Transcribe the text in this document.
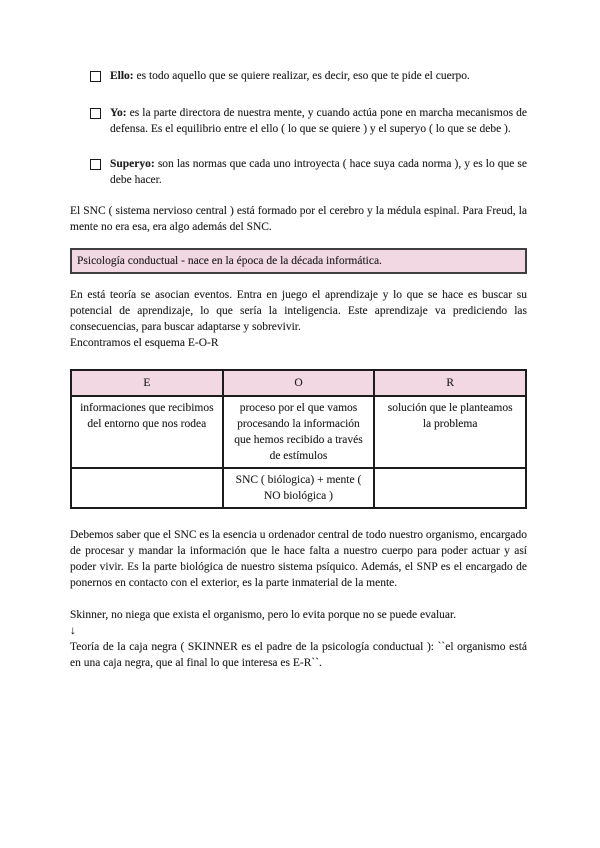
Ello: es todo aquello que se quiere realizar, es decir, eso que te pide el cuerpo.
Yo: es la parte directora de nuestra mente, y cuando actúa pone en marcha mecanismos de defensa. Es el equilibrio entre el ello ( lo que se quiere ) y el superyo ( lo que se debe ).
Superyo: son las normas que cada uno introyecta ( hace suya cada norma ), y es lo que se debe hacer.
El SNC ( sistema nervioso central ) está formado por el cerebro y la médula espinal. Para Freud, la mente no era esa, era algo además del SNC.
Psicología conductual - nace en la época de la década informática.
En está teoría se asocian eventos. Entra en juego el aprendizaje y lo que se hace es buscar su potencial de aprendizaje, lo que sería la inteligencia. Este aprendizaje va prediciendo las consecuencias, para buscar adaptarse y sobrevivir.
Encontramos el esquema E-O-R
E	O	R
informaciones que recibimos del entorno que nos rodea	proceso por el que vamos procesando la información que hemos recibido a través de estímulos	solución que le planteamos la problema
	SNC ( biólogica) + mente ( NO biológica )	
Debemos saber que el SNC es la esencia u ordenador central de todo nuestro organismo, encargado de procesar y mandar la información que le hace falta a nuestro cuerpo para poder actuar y así poder vivir. Es la parte biológica de nuestro sistema psíquico. Además, el SNP es el encargado de ponernos en contacto con el exterior, es la parte inmaterial de la mente.
Skinner, no niega que exista el organismo, pero lo evita porque no se puede evaluar.
↓
Teoría de la caja negra ( SKINNER es el padre de la psicología conductual ): ``el organismo está en una caja negra, que al final lo que interesa es E-R``.
